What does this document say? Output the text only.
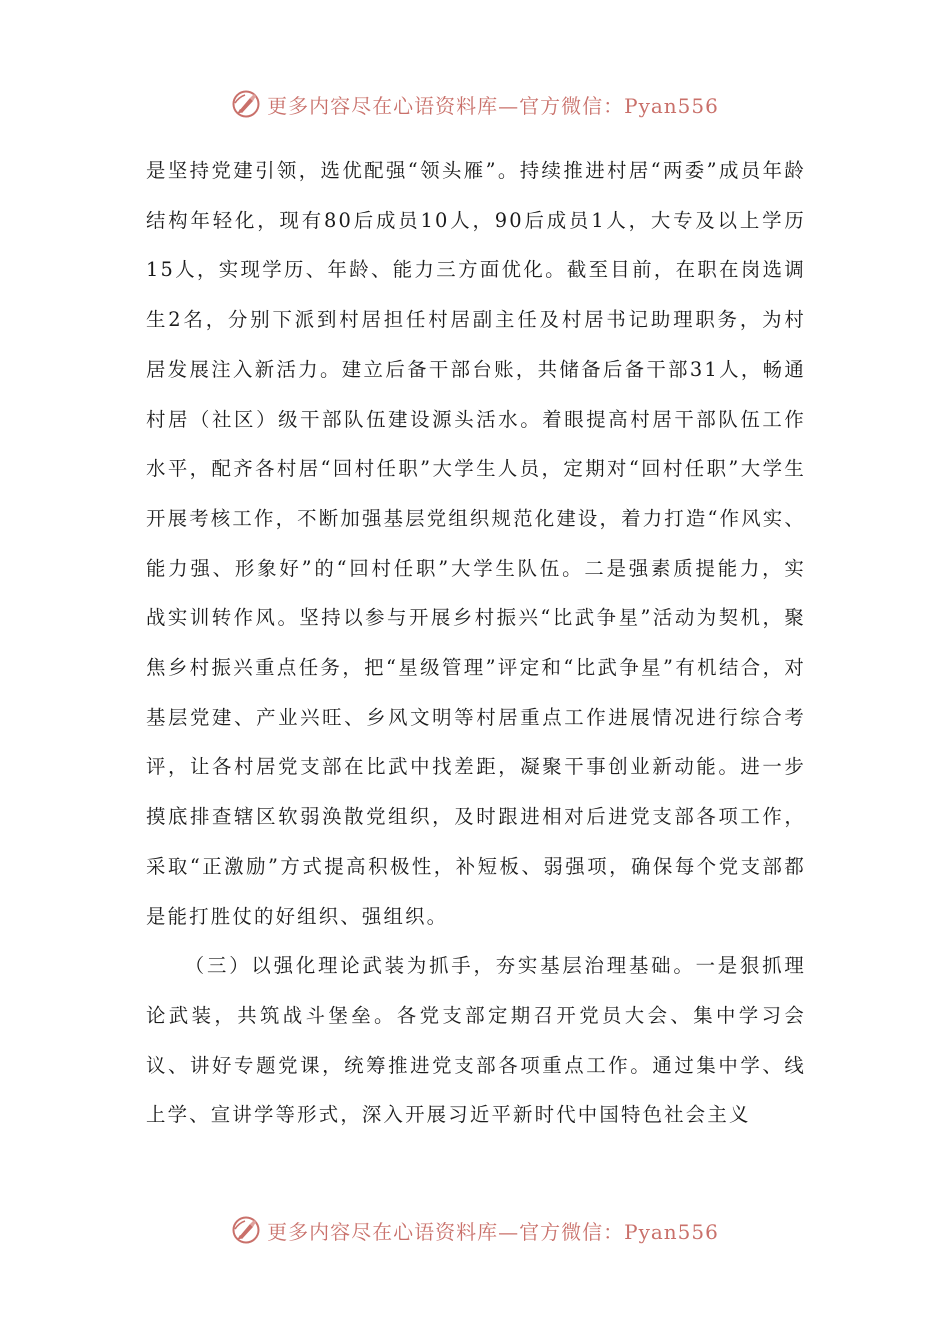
更多内容尽在心语资料库—官方微信：Pyan556

是坚持党建引领，选优配强“领头雁”。持续推进村居“两委”成员年龄结构年轻化，现有80后成员10人，90后成员1人，大专及以上学历15人，实现学历、年龄、能力三方面优化。截至目前，在职在岗选调生2名，分别下派到村居担任村居副主任及村居书记助理职务，为村居发展注入新活力。建立后备干部台账，共储备后备干部31人，畅通村居（社区）级干部队伍建设源头活水。着眼提高村居干部队伍工作水平，配齐各村居“回村任职”大学生人员，定期对“回村任职”大学生开展考核工作，不断加强基层党组织规范化建设，着力打造“作风实、能力强、形象好”的“回村任职”大学生队伍。二是强素质提能力，实战实训转作风。坚持以参与开展乡村振兴“比武争星”活动为契机，聚焦乡村振兴重点任务，把“星级管理”评定和“比武争星”有机结合，对基层党建、产业兴旺、乡风文明等村居重点工作进展情况进行综合考评，让各村居党支部在比武中找差距，凝聚干事创业新动能。进一步摸底排查辖区软弱涣散党组织，及时跟进相对后进党支部各项工作，采取“正激励”方式提高积极性，补短板、弱强项，确保每个党支部都是能打胜仗的好组织、强组织。

（三）以强化理论武装为抓手，夯实基层治理基础。一是狠抓理论武装，共筑战斗堡垒。各党支部定期召开党员大会、集中学习会议、讲好专题党课，统筹推进党支部各项重点工作。通过集中学、线上学、宣讲学等形式，深入开展习近平新时代中国特色社会主义

更多内容尽在心语资料库—官方微信：Pyan556
